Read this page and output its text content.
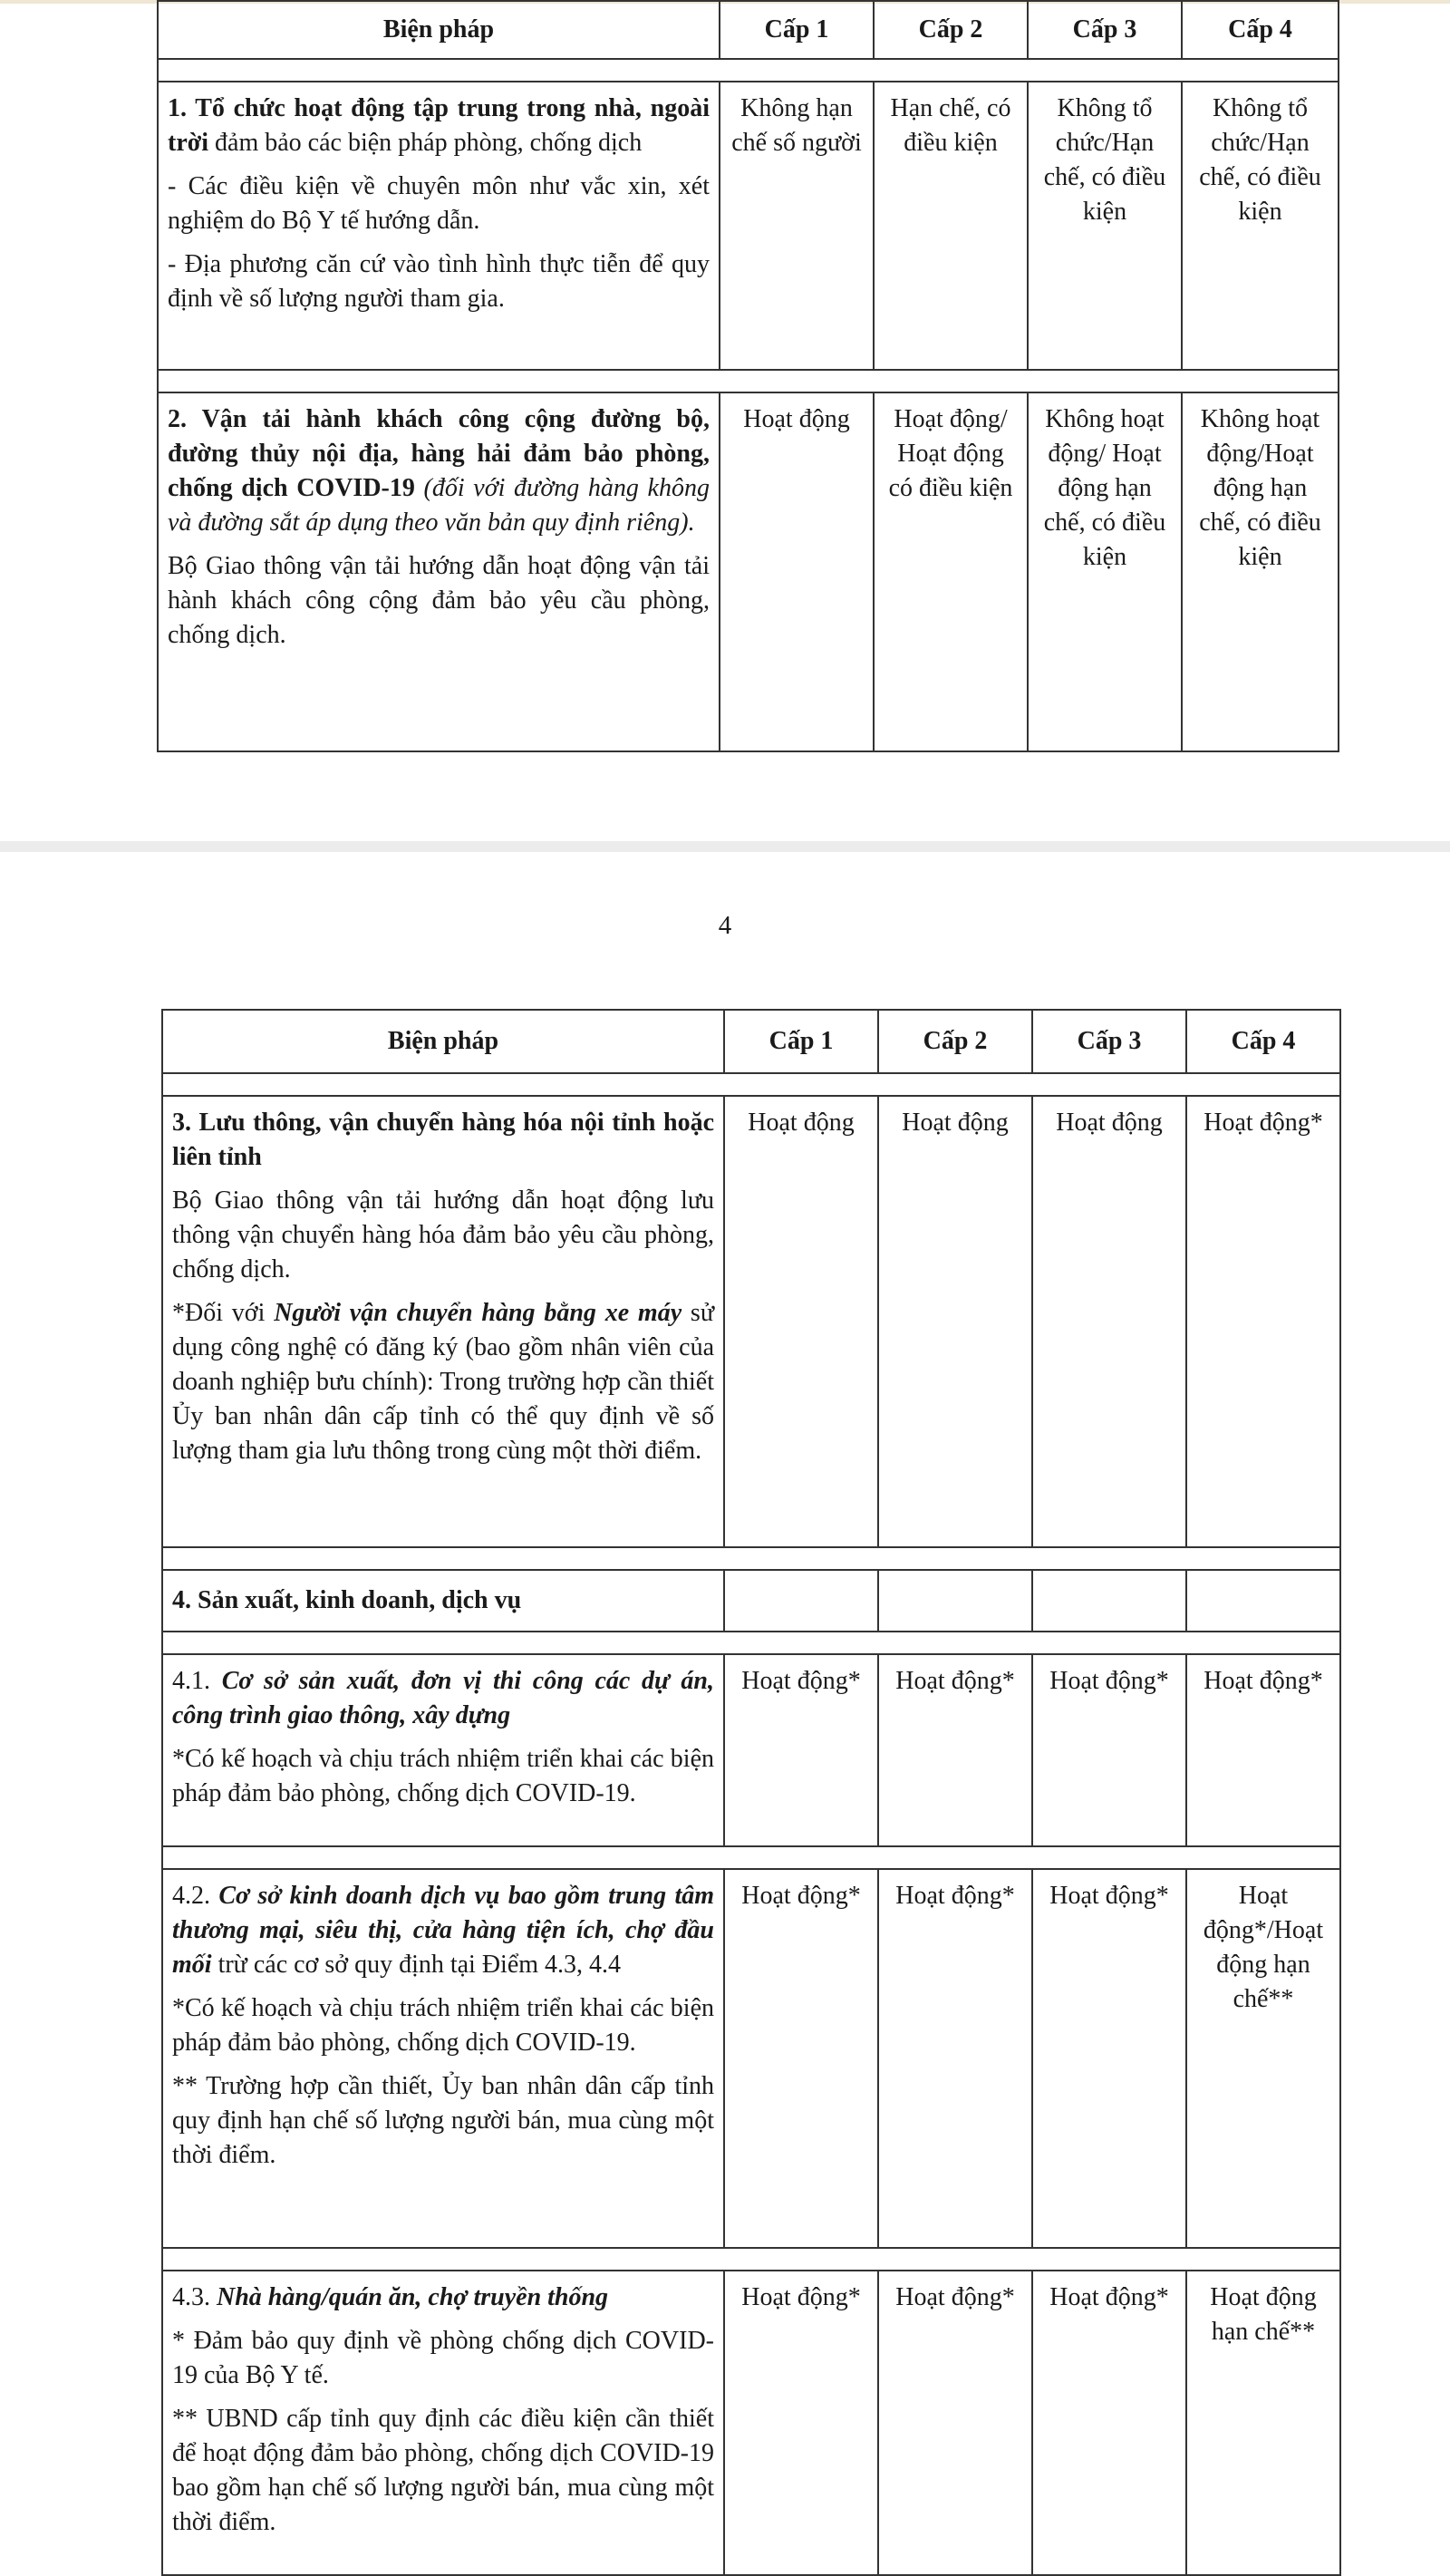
Biện pháp	Cấp 1	Cấp 2	Cấp 3	Cấp 4

1. Tổ chức hoạt động tập trung trong nhà, ngoài trời đảm bảo các biện pháp phòng, chống dịch
- Các điều kiện về chuyên môn như vắc xin, xét nghiệm do Bộ Y tế hướng dẫn.
- Địa phương căn cứ vào tình hình thực tiễn để quy định về số lượng người tham gia.	Không hạn chế số người	Hạn chế, có điều kiện	Không tổ chức/Hạn chế, có điều kiện	Không tổ chức/Hạn chế, có điều kiện

2. Vận tải hành khách công cộng đường bộ, đường thủy nội địa, hàng hải đảm bảo phòng, chống dịch COVID-19 (đối với đường hàng không và đường sắt áp dụng theo văn bản quy định riêng).
Bộ Giao thông vận tải hướng dẫn hoạt động vận tải hành khách công cộng đảm bảo yêu cầu phòng, chống dịch.	Hoạt động	Hoạt động/ Hoạt động có điều kiện	Không hoạt động/ Hoạt động hạn chế, có điều kiện	Không hoạt động/Hoạt động hạn chế, có điều kiện
4
Biện pháp	Cấp 1	Cấp 2	Cấp 3	Cấp 4

3. Lưu thông, vận chuyển hàng hóa nội tỉnh hoặc liên tỉnh
Bộ Giao thông vận tải hướng dẫn hoạt động lưu thông vận chuyển hàng hóa đảm bảo yêu cầu phòng, chống dịch.
*Đối với Người vận chuyển hàng bằng xe máy sử dụng công nghệ có đăng ký (bao gồm nhân viên của doanh nghiệp bưu chính): Trong trường hợp cần thiết Ủy ban nhân dân cấp tỉnh có thể quy định về số lượng tham gia lưu thông trong cùng một thời điểm.	Hoạt động	Hoạt động	Hoạt động	Hoạt động*

4. Sản xuất, kinh doanh, dịch vụ				

4.1. Cơ sở sản xuất, đơn vị thi công các dự án, công trình giao thông, xây dựng
*Có kế hoạch và chịu trách nhiệm triển khai các biện pháp đảm bảo phòng, chống dịch COVID-19.	Hoạt động*	Hoạt động*	Hoạt động*	Hoạt động*

4.2. Cơ sở kinh doanh dịch vụ bao gồm trung tâm thương mại, siêu thị, cửa hàng tiện ích, chợ đầu mối trừ các cơ sở quy định tại Điểm 4.3, 4.4
*Có kế hoạch và chịu trách nhiệm triển khai các biện pháp đảm bảo phòng, chống dịch COVID-19.
** Trường hợp cần thiết, Ủy ban nhân dân cấp tỉnh quy định hạn chế số lượng người bán, mua cùng một thời điểm.	Hoạt động*	Hoạt động*	Hoạt động*	Hoạt động*/Hoạt động hạn chế**

4.3. Nhà hàng/quán ăn, chợ truyền thống
* Đảm bảo quy định về phòng chống dịch COVID-19 của Bộ Y tế.
** UBND cấp tỉnh quy định các điều kiện cần thiết để hoạt động đảm bảo phòng, chống dịch COVID-19 bao gồm hạn chế số lượng người bán, mua cùng một thời điểm.	Hoạt động*	Hoạt động*	Hoạt động*	Hoạt động hạn chế**
